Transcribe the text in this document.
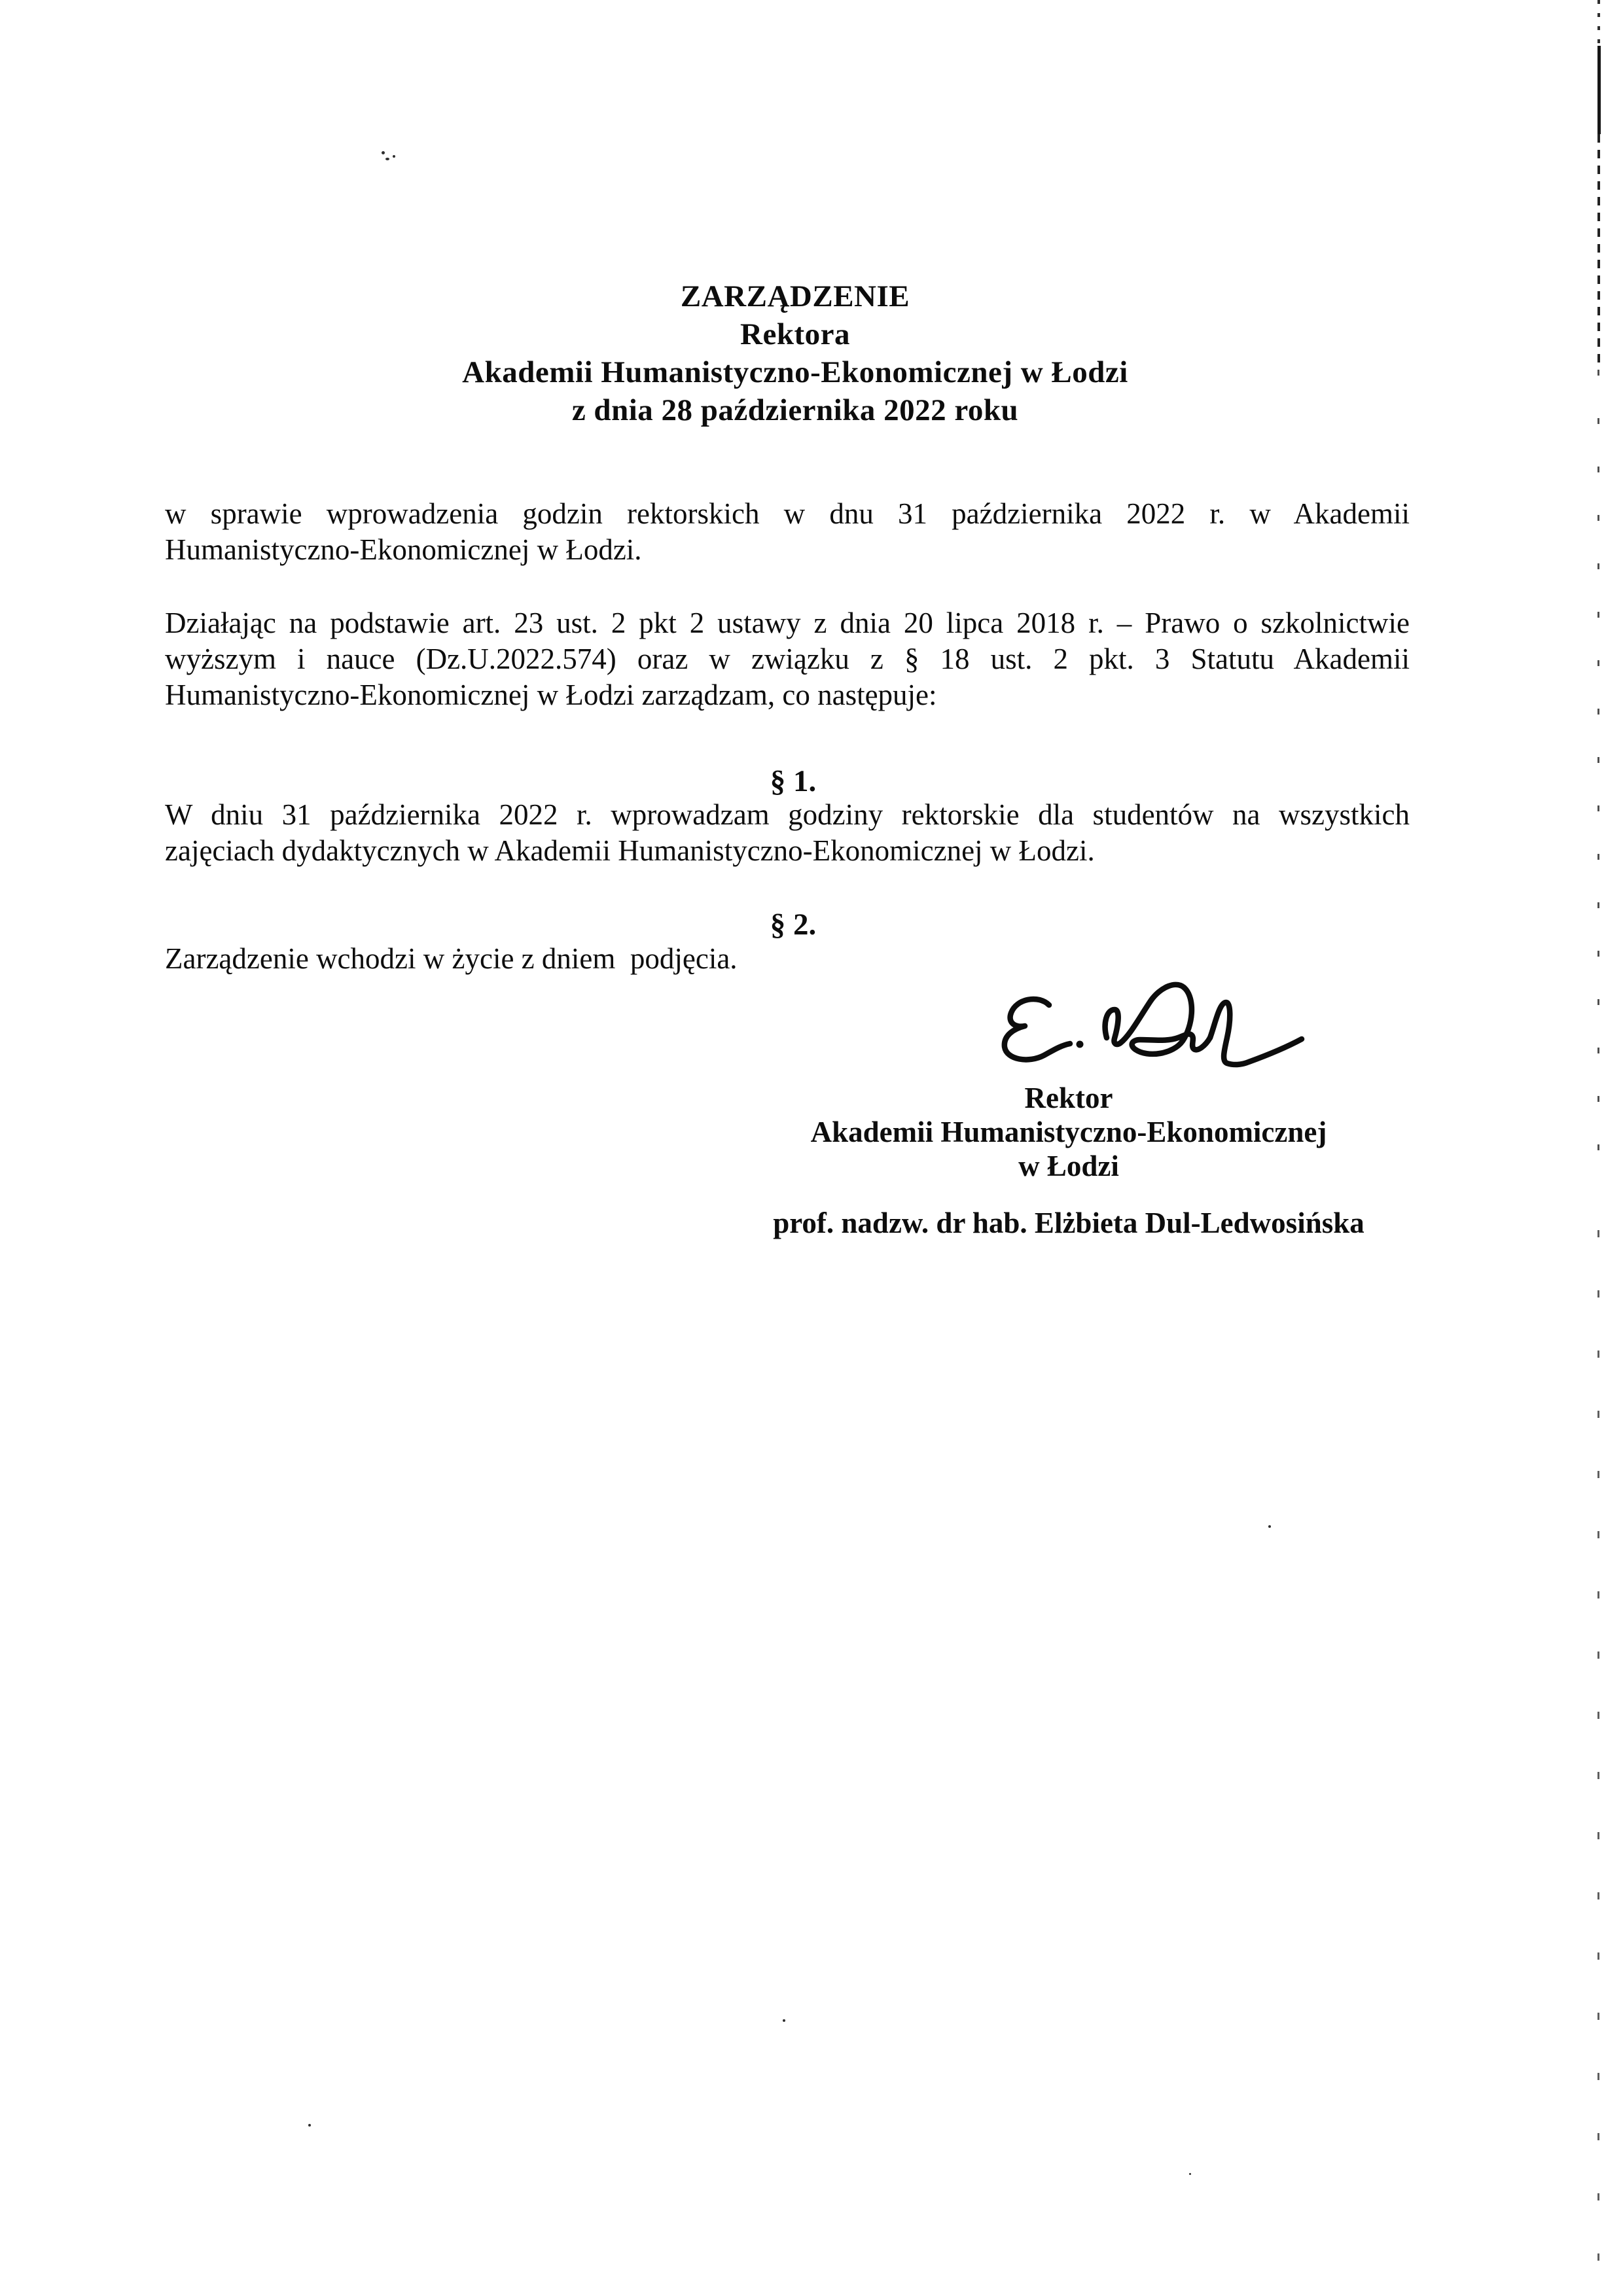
ZARZĄDZENIE
Rektora
Akademii Humanistyczno-Ekonomicznej w Łodzi
z dnia 28 października 2022 roku
w sprawie wprowadzenia godzin rektorskich w dnu 31 października 2022 r. w Akademii
Humanistyczno-Ekonomicznej w Łodzi.
Działając na podstawie art. 23 ust. 2 pkt 2 ustawy z dnia 20 lipca 2018 r. – Prawo o szkolnictwie
wyższym i nauce (Dz.U.2022.574) oraz w związku z § 18 ust. 2 pkt. 3 Statutu Akademii
Humanistyczno-Ekonomicznej w Łodzi zarządzam, co następuje:
§ 1.
W dniu 31 października 2022 r. wprowadzam godziny rektorskie dla studentów na wszystkich
zajęciach dydaktycznych w Akademii Humanistyczno-Ekonomicznej w Łodzi.
§ 2.
Zarządzenie wchodzi w życie z dniem  podjęcia.
Rektor
Akademii Humanistyczno-Ekonomicznej
w Łodzi
prof. nadzw. dr hab. Elżbieta Dul-Ledwosińska
